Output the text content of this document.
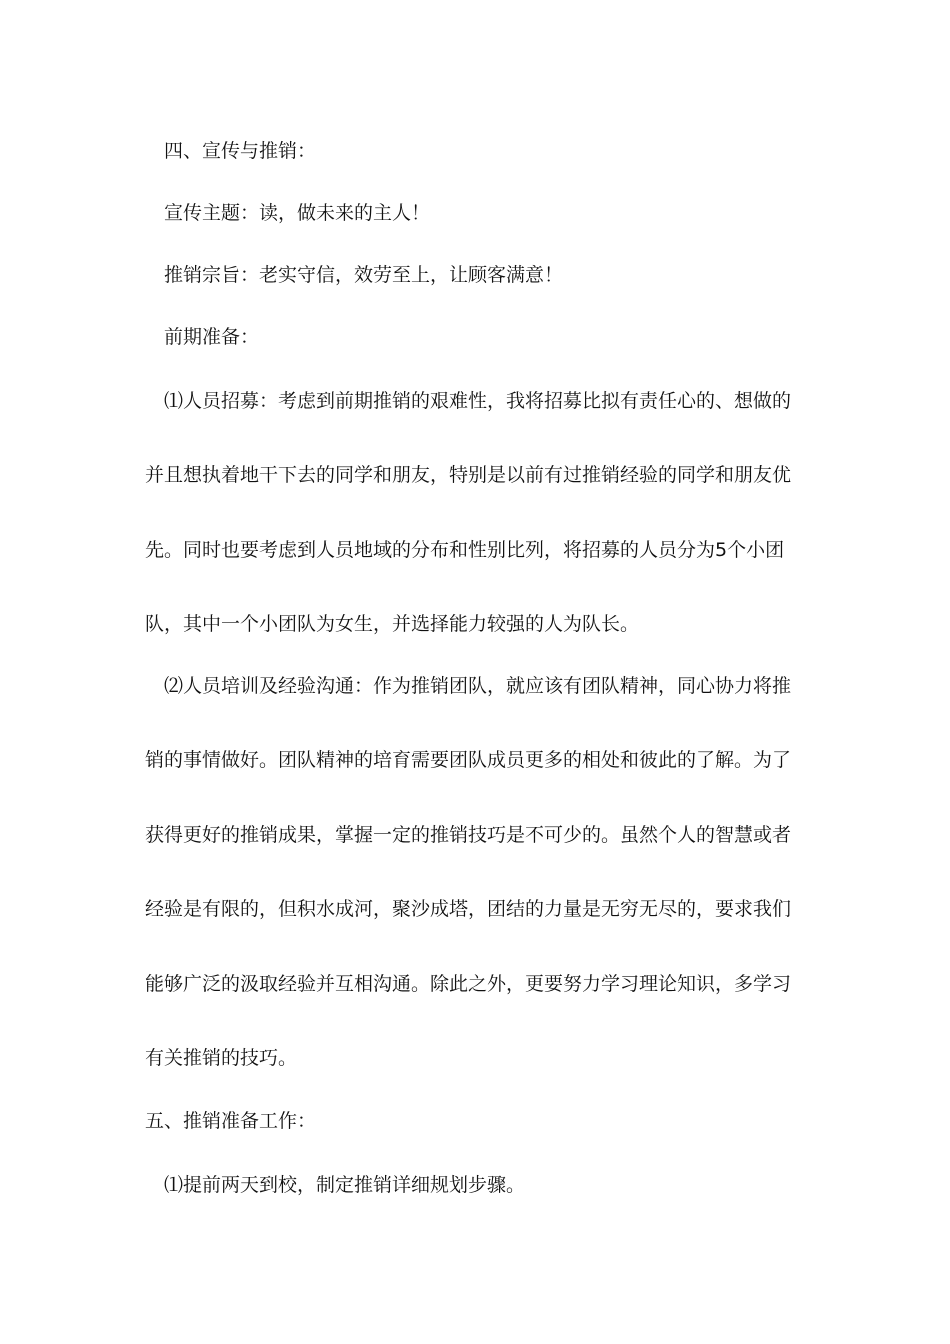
四、宣传与推销：
宣传主题：读，做未来的主人！
推销宗旨：老实守信，效劳至上，让顾客满意！
前期准备：
⑴人员招募：考虑到前期推销的艰难性，我将招募比拟有责任心的、想做的
并且想执着地干下去的同学和朋友，特别是以前有过推销经验的同学和朋友优
先。同时也要考虑到人员地域的分布和性别比列，将招募的人员分为5个小团
队，其中一个小团队为女生，并选择能力较强的人为队长。
⑵人员培训及经验沟通：作为推销团队，就应该有团队精神，同心协力将推
销的事情做好。团队精神的培育需要团队成员更多的相处和彼此的了解。为了
获得更好的推销成果，掌握一定的推销技巧是不可少的。虽然个人的智慧或者
经验是有限的，但积水成河，聚沙成塔，团结的力量是无穷无尽的，要求我们
能够广泛的汲取经验并互相沟通。除此之外，更要努力学习理论知识，多学习
有关推销的技巧。
五、推销准备工作：
⑴提前两天到校，制定推销详细规划步骤。
